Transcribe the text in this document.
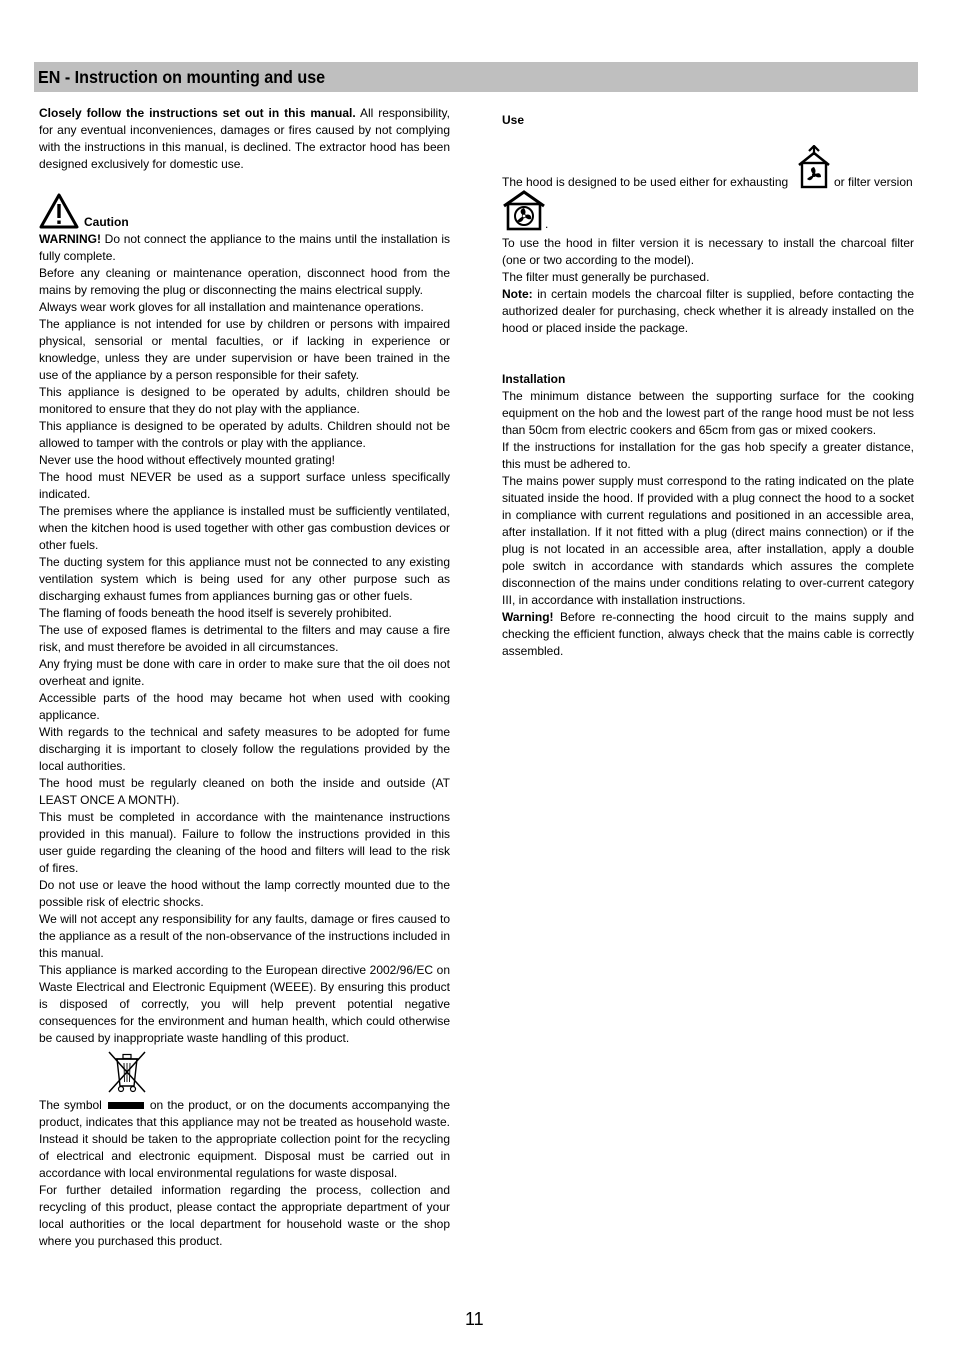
EN - Instruction on mounting and use

Closely follow the instructions set out in this manual. All responsibility, for any eventual inconveniences, damages or fires caused by not complying with the instructions in this manual, is declined. The extractor hood has been designed exclusively for domestic use.

Caution

WARNING! Do not connect the appliance to the mains until the installation is fully complete.

Before any cleaning or maintenance operation, disconnect hood from the mains by removing the plug or disconnecting the mains electrical supply.

Always wear work gloves for all installation and maintenance operations.

The appliance is not intended for use by children or persons with impaired physical, sensorial or mental faculties, or if lacking in experience or knowledge, unless they are under supervision or have been trained in the use of the appliance by a person responsible for their safety.

This appliance is designed to be operated by adults, children should be monitored to ensure that they do not play with the appliance.

This appliance is designed to be operated by adults. Children should not be allowed to tamper with the controls or play with the appliance.

Never use the hood without effectively mounted grating!

The hood must NEVER be used as a support surface unless specifically indicated.

The premises where the appliance is installed must be sufficiently ventilated, when the kitchen hood is used together with other gas combustion devices or other fuels.

The ducting system for this appliance must not be connected to any existing ventilation system which is being used for any other purpose such as discharging exhaust fumes from appliances burning gas or other fuels.

The flaming of foods beneath the hood itself is severely prohibited.

The use of exposed flames is detrimental to the filters and may cause a fire risk, and must therefore be avoided in all circumstances.

Any frying must be done with care in order to make sure that the oil does not overheat and ignite.

Accessible parts of the hood may became hot when used with cooking applicance.

With regards to the technical and safety measures to be adopted for fume discharging it is important to closely follow the regulations provided by the local authorities.

The hood must be regularly cleaned on both the inside and outside (AT LEAST ONCE A MONTH).

This must be completed in accordance with the maintenance instructions provided in this manual). Failure to follow the instructions provided in this user guide regarding the cleaning of the hood and filters will lead to the risk of fires.

Do not use or leave the hood without the lamp correctly mounted due to the possible risk of electric shocks.

We will not accept any responsibility for any faults, damage or fires caused to the appliance as a result of the non-observance of the instructions included in this manual.

This appliance is marked according to the European directive 2002/96/EC on Waste Electrical and Electronic Equipment (WEEE). By ensuring this product is disposed of correctly, you will help prevent potential negative consequences for the environment and human health, which could otherwise be caused by inappropriate waste handling of this product.

The symbol	on the product, or on the documents accompanying the product, indicates that this appliance may not be treated as household waste. Instead it should be taken to the appropriate collection point for the recycling of electrical and electronic equipment. Disposal must be carried out in accordance with local environmental regulations for waste disposal.

For further detailed information regarding the process, collection and recycling of this product, please contact the appropriate department of your local authorities or the local department for household waste or the shop where you purchased this product.

Use

The hood is designed to be used either for exhausting	or filter version
.

To use the hood in filter version it is necessary to install the charcoal filter (one or two according to the model).

The filter must generally be purchased.

Note: in certain models the charcoal filter is supplied, before contacting the authorized dealer for purchasing, check whether it is already installed on the hood or placed inside the package.

Installation

The minimum distance between the supporting surface for the cooking equipment on the hob and the lowest part of the range hood must be not less than 50cm from electric cookers and 65cm from gas or mixed cookers.

If the instructions for installation for the gas hob specify a greater distance, this must be adhered to.

The mains power supply must correspond to the rating indicated on the plate situated inside the hood. If provided with a plug connect the hood to a socket in compliance with current regulations and positioned in an accessible area, after installation. If it not fitted with a plug (direct mains connection) or if the plug is not located in an accessible area, after installation, apply a double pole switch in accordance with standards which assures the complete disconnection of the mains under conditions relating to over-current category III, in accordance with installation instructions.

Warning! Before re-connecting the hood circuit to the mains supply and checking the efficient function, always check that the mains cable is correctly assembled.

11
